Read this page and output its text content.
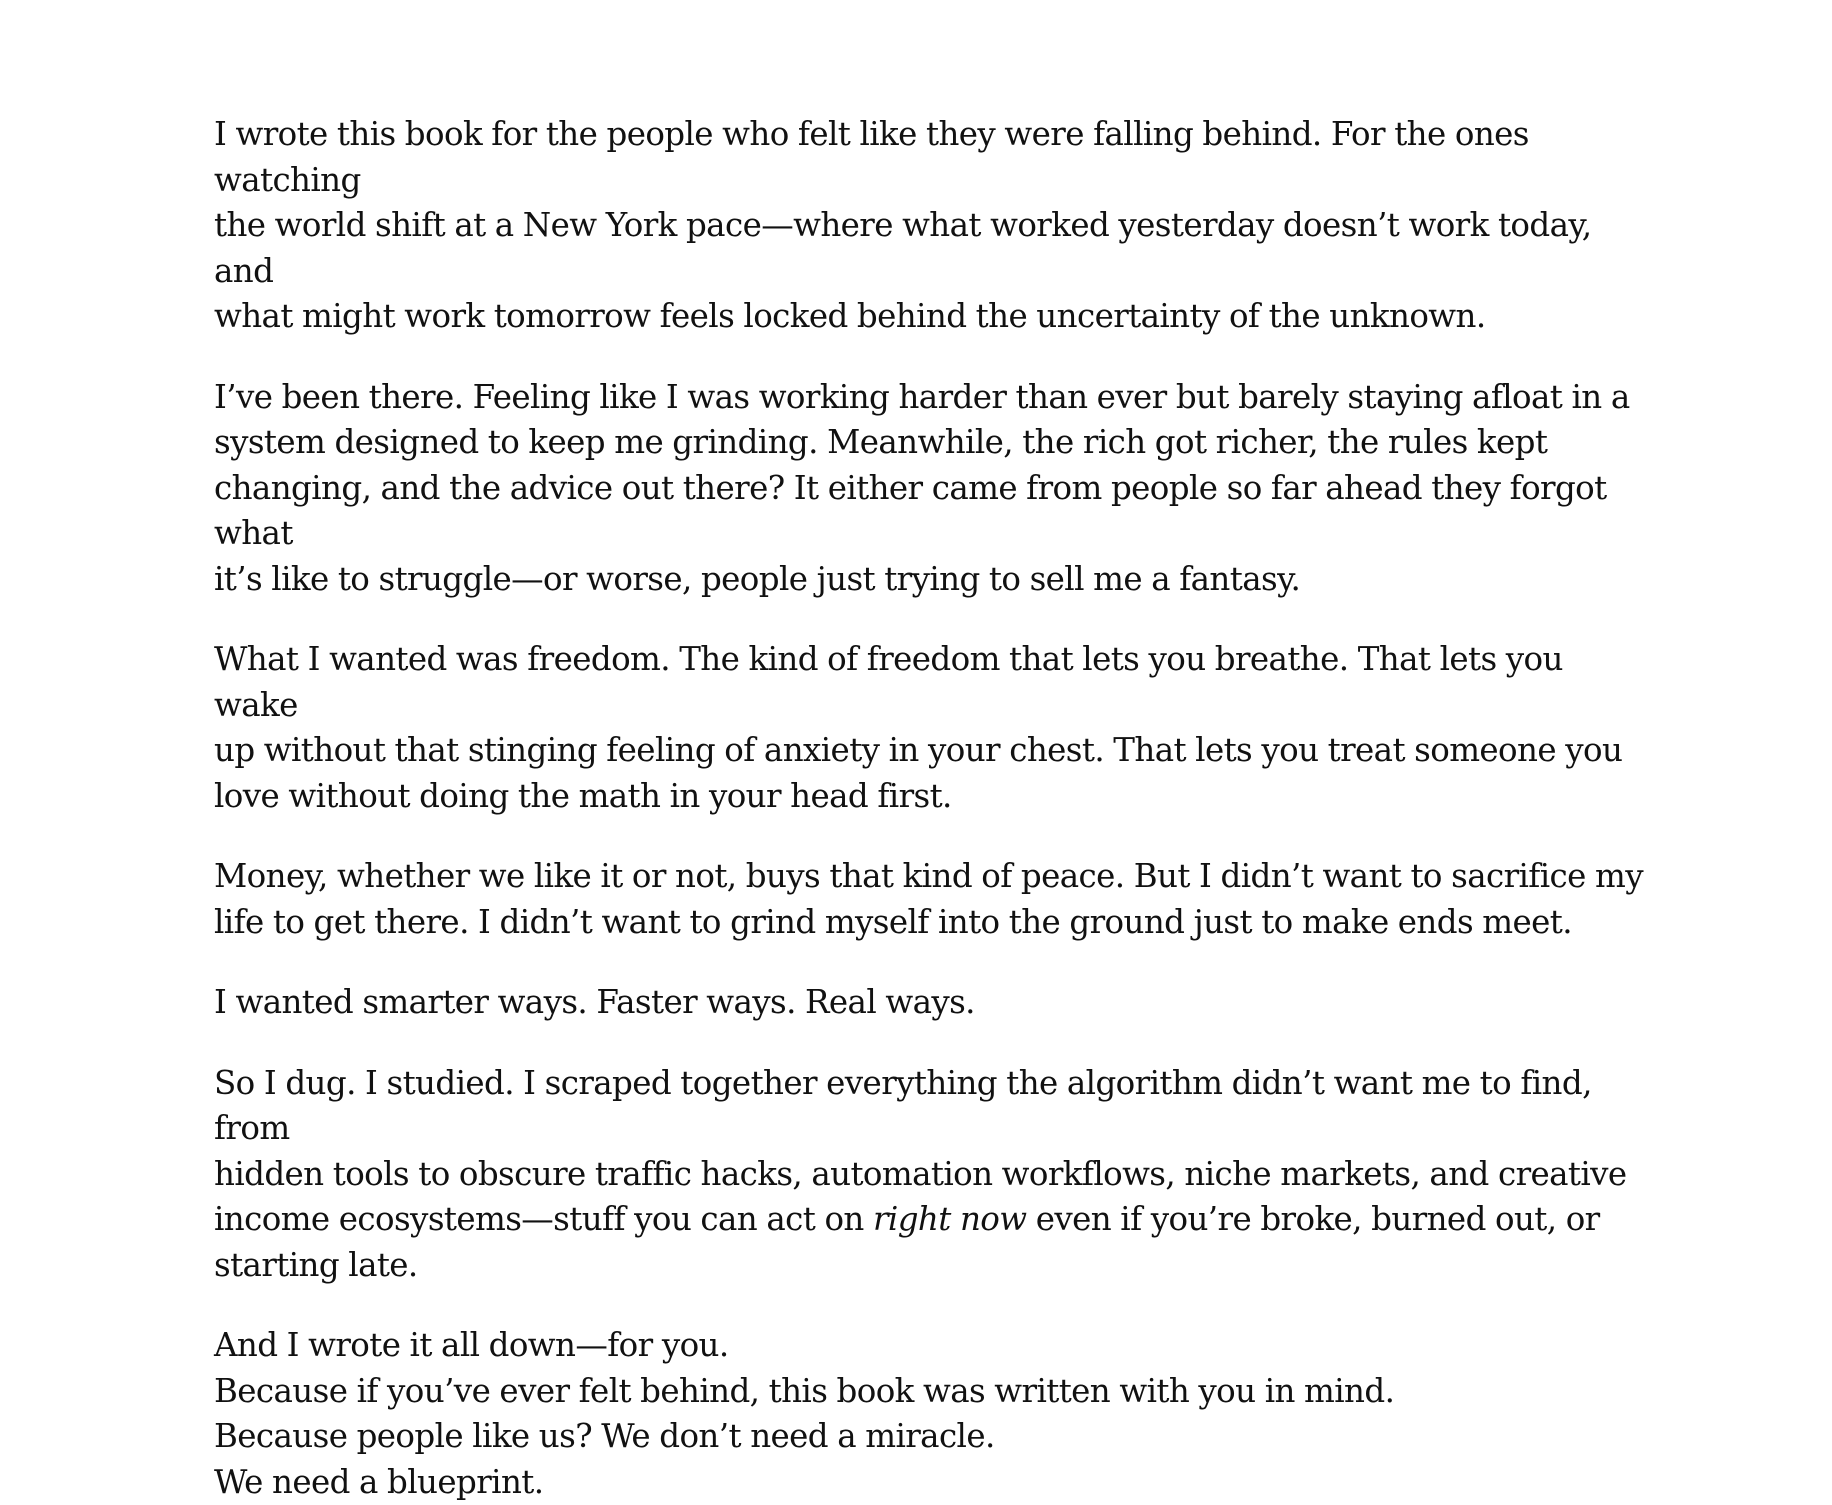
I wrote this book for the people who felt like they were falling behind. For the ones watching
the world shift at a New York pace—where what worked yesterday doesn’t work today, and
what might work tomorrow feels locked behind the uncertainty of the unknown.

I’ve been there. Feeling like I was working harder than ever but barely staying afloat in a
system designed to keep me grinding. Meanwhile, the rich got richer, the rules kept
changing, and the advice out there? It either came from people so far ahead they forgot what
it’s like to struggle—or worse, people just trying to sell me a fantasy.

What I wanted was freedom. The kind of freedom that lets you breathe. That lets you wake
up without that stinging feeling of anxiety in your chest. That lets you treat someone you
love without doing the math in your head first.

Money, whether we like it or not, buys that kind of peace. But I didn’t want to sacrifice my
life to get there. I didn’t want to grind myself into the ground just to make ends meet.

I wanted smarter ways. Faster ways. Real ways.

So I dug. I studied. I scraped together everything the algorithm didn’t want me to find, from
hidden tools to obscure traffic hacks, automation workflows, niche markets, and creative
income ecosystems—stuff you can act on right now even if you’re broke, burned out, or
starting late.

And I wrote it all down—for you.
Because if you’ve ever felt behind, this book was written with you in mind.
Because people like us? We don’t need a miracle.
We need a blueprint.
